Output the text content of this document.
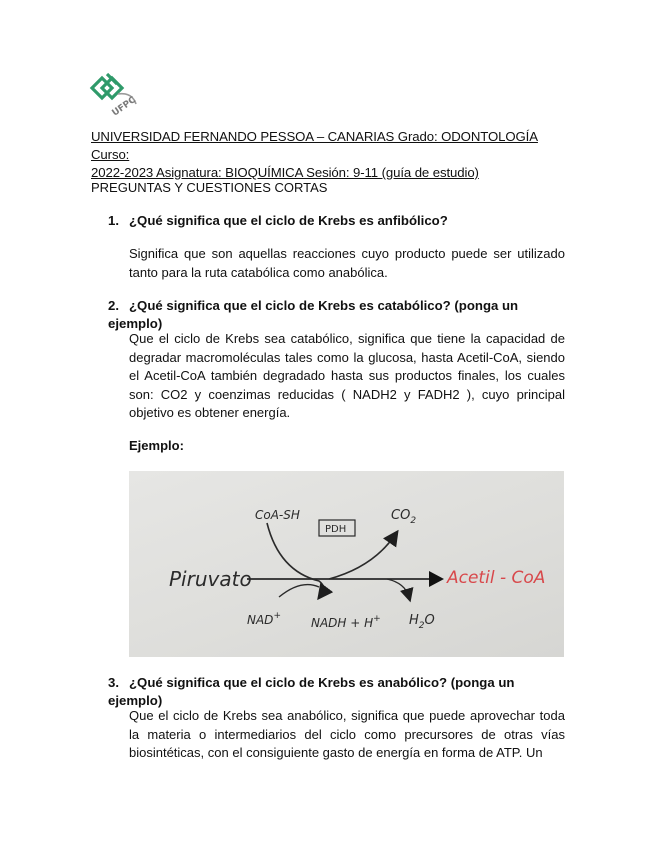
UFPC
UNIVERSIDAD FERNANDO PESSOA – CANARIAS Grado: ODONTOLOGÍA Curso:
2022-2023 Asignatura: BIOQUÍMICA Sesión: 9-11 (guía de estudio)
PREGUNTAS Y CUESTIONES CORTAS
1. ¿Qué significa que el ciclo de Krebs es anfibólico?
Significa que son aquellas reacciones cuyo producto puede ser utilizado tanto para la ruta catabólica como anabólica.
2. ¿Qué significa que el ciclo de Krebs es catabólico? (ponga un ejemplo)
Que el ciclo de Krebs sea catabólico, significa que tiene la capacidad de degradar macromoléculas tales como la glucosa, hasta Acetil-CoA, siendo el Acetil-CoA también degradado hasta sus productos finales, los cuales son: CO2 y coenzimas reducidas ( NADH2 y FADH2 ), cuyo principal objetivo es obtener energía.
Ejemplo:
Piruvato
CoA-SH
PDH
$CO_2$
Acetil - CoA
NAD+	NADH + H+ $H_2O$
3. ¿Qué significa que el ciclo de Krebs es anabólico? (ponga un ejemplo)
Que el ciclo de Krebs sea anabólico, significa que puede aprovechar toda la materia o intermediarios del ciclo como precursores de otras vías biosintéticas, con el consiguiente gasto de energía en forma de ATP. Un
